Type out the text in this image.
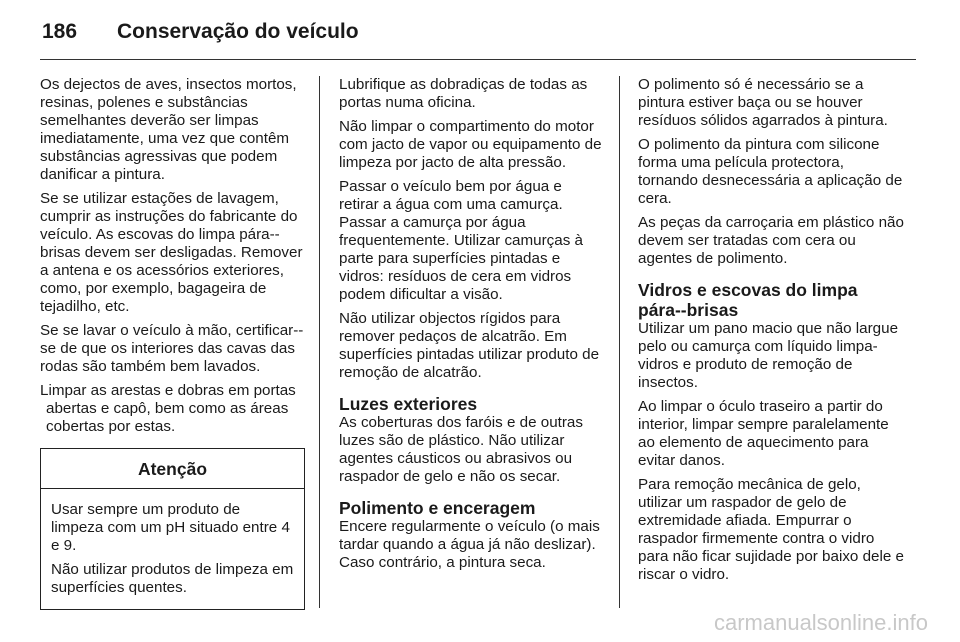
186 Conservação do veículo

Os dejectos de aves, insectos mortos, resinas, polenes e substâncias semelhantes deverão ser limpas imediatamente, uma vez que contêm substâncias agressivas que podem danificar a pintura.

Se se utilizar estações de lavagem, cumprir as instruções do fabricante do veículo. As escovas do limpa pára--brisas devem ser desligadas. Remover a antena e os acessórios exteriores, como, por exemplo, bagageira de tejadilho, etc.

Se se lavar o veículo à mão, certificar--se de que os interiores das cavas das rodas são também bem lavados.

Limpar as arestas e dobras em portas abertas e capô, bem como as áreas cobertas por estas.

Atenção

Usar sempre um produto de limpeza com um pH situado entre 4 e 9.

Não utilizar produtos de limpeza em superfícies quentes.

Lubrifique as dobradiças de todas as portas numa oficina.

Não limpar o compartimento do motor com jacto de vapor ou equipamento de limpeza por jacto de alta pressão.

Passar o veículo bem por água e retirar a água com uma camurça. Passar a camurça por água frequentemente. Utilizar camurças à parte para superfícies pintadas e vidros: resíduos de cera em vidros podem dificultar a visão.

Não utilizar objectos rígidos para remover pedaços de alcatrão. Em superfícies pintadas utilizar produto de remoção de alcatrão.

Luzes exteriores

As coberturas dos faróis e de outras luzes são de plástico. Não utilizar agentes cáusticos ou abrasivos ou raspador de gelo e não os secar.

Polimento e enceragem

Encere regularmente o veículo (o mais tardar quando a água já não deslizar). Caso contrário, a pintura seca.

O polimento só é necessário se a pintura estiver baça ou se houver resíduos sólidos agarrados à pintura.

O polimento da pintura com silicone forma uma película protectora, tornando desnecessária a aplicação de cera.

As peças da carroçaria em plástico não devem ser tratadas com cera ou agentes de polimento.

Vidros e escovas do limpa pára--brisas

Utilizar um pano macio que não largue pelo ou camurça com líquido limpa-vidros e produto de remoção de insectos.

Ao limpar o óculo traseiro a partir do interior, limpar sempre paralelamente ao elemento de aquecimento para evitar danos.

Para remoção mecânica de gelo, utilizar um raspador de gelo de extremidade afiada. Empurrar o raspador firmemente contra o vidro para não ficar sujidade por baixo dele e riscar o vidro.

carmanualsonline.info
